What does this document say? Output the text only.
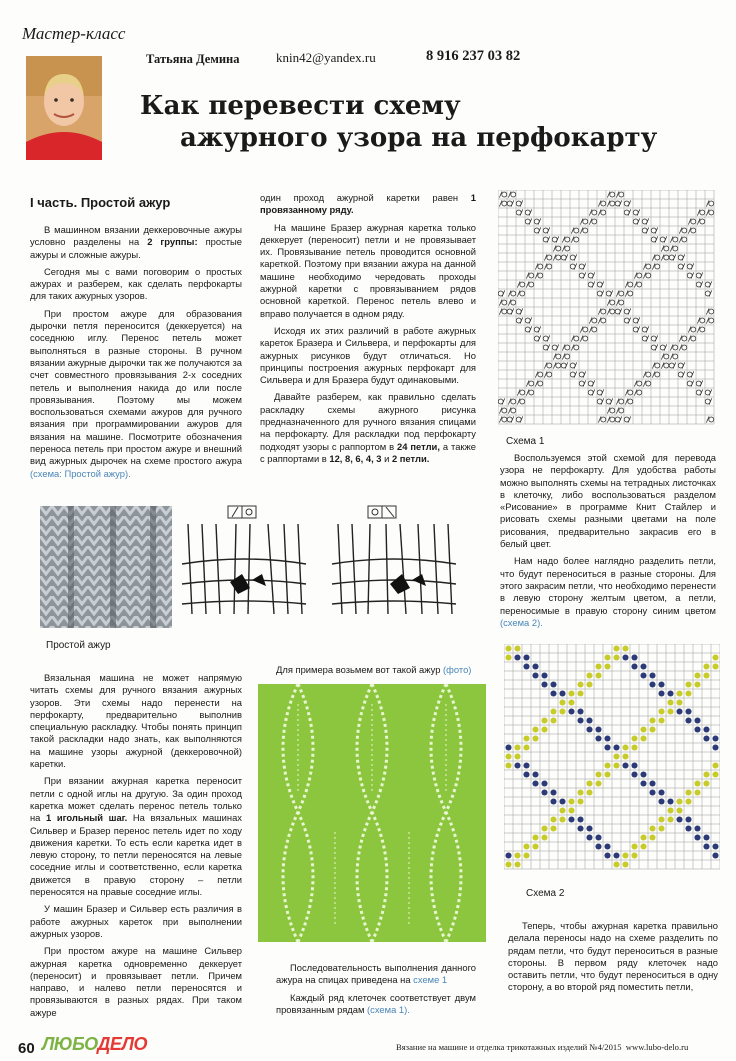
Мастер-класс
Татьяна Демина	knin42@yandex.ru	8 916 237 03 82
Как перевести схему
ажурного узора на перфокарту
I часть. Простой ажур

В машинном вязании деккеровочные ажуры условно разделены на 2 группы: простые ажуры и сложные ажуры.

Сегодня мы с вами поговорим о простых ажурах и разберем, как сделать перфокарты для таких ажурных узоров.

При простом ажуре для образования дырочки петля переносится (деккеруется) на соседнюю иглу. Перенос петель может выполняться в разные стороны. В ручном вязании ажурные дырочки так же получаются за счет совместного провязывания 2-х соседних петель и выполнения накида до или после провязывания. Поэтому мы можем воспользоваться схемами ажуров для ручного вязания при программировании ажуров для вязания на машине. Посмотрите обозначения переноса петель при простом ажуре и внешний вид ажурных дырочек на схеме простого ажура (схема: Простой ажур).

Простой ажур

Вязальная машина не может напрямую читать схемы для ручного вязания ажурных узоров. Эти схемы надо перенести на перфокарту, предварительно выполнив специальную раскладку. Чтобы понять принцип такой раскладки надо знать, как выполняются на машине узоры ажурной (деккеровочной) каретки.

При вязании ажурная каретка переносит петли с одной иглы на другую. За один проход каретка может сделать перенос петель только на 1 игольный шаг. На вязальных машинах Сильвер и Бразер перенос петель идет по ходу движения каретки. То есть если каретка идет в левую сторону, то петли переносятся на левые соседние иглы и соответственно, если каретка движется в правую сторону – петли переносятся на правые соседние иглы.

У машин Бразер и Сильвер есть различия в работе ажурных кареток при выполнении ажурных узоров.

При простом ажуре на машине Сильвер ажурная каретка одновременно деккерует (переносит) и провязывает петли. Причем направо, и налево петли переносятся и провязываются в разных рядах. При таком ажуре

один проход ажурной каретки равен 1 провязанному ряду.

На машине Бразер ажурная каретка только деккерует (переносит) петли и не провязывает их. Провязывание петель проводится основной кареткой. Поэтому при вязании ажура на данной машине необходимо чередовать проходы ажурной каретки с провязыванием рядов основной кареткой. Перенос петель влево и вправо получается в одном ряду.

Исходя их этих различий в работе ажурных кареток Бразера и Сильвера, и перфокарты для ажурных рисунков будут отличаться. Но принципы построения ажурных перфокарт для Сильвера и для Бразера будут одинаковыми.

Давайте разберем, как правильно сделать раскладку схемы ажурного рисунка предназначенного для ручного вязания спицами на перфокарту. Для раскладки под перфокарту подходят узоры с раппортом в 24 петли, а также с раппортами в 12, 8, 6, 4, 3 и 2 петли.

Для примера возьмем вот такой ажур (фото)

Последовательность выполнения данного ажура на спицах приведена на схеме 1

Каждый ряд клеточек соответствует двум провязанным рядам (схема 1).

Схема 1

Воспользуемся этой схемой для перевода узора не перфокарту. Для удобства работы можно выполнять схемы на тетрадных листочках в клеточку, либо воспользоваться разделом «Рисование» в программе Книт Стайлер и рисовать схемы разными цветами на поле рисования, предварительно закрасив его в белый цвет.

Нам надо более наглядно разделить петли, что будут переноситься в разные стороны. Для этого закрасим петли, что необходимо перенести в левую сторону желтым цветом, а петли, переносимые в правую сторону синим цветом (схема 2).

Схема 2

Теперь, чтобы ажурная каретка правильно делала переносы надо на схеме разделить по рядам петли, что будут переноситься в разные стороны. В первом ряду клеточек надо оставить петли, что будут переноситься в одну сторону, а во второй ряд поместить петли,

60 ЛЮБОДЕЛО	Вязание на машине и отделка трикотажных изделий №4/2015 www.lubo-delo.ru
